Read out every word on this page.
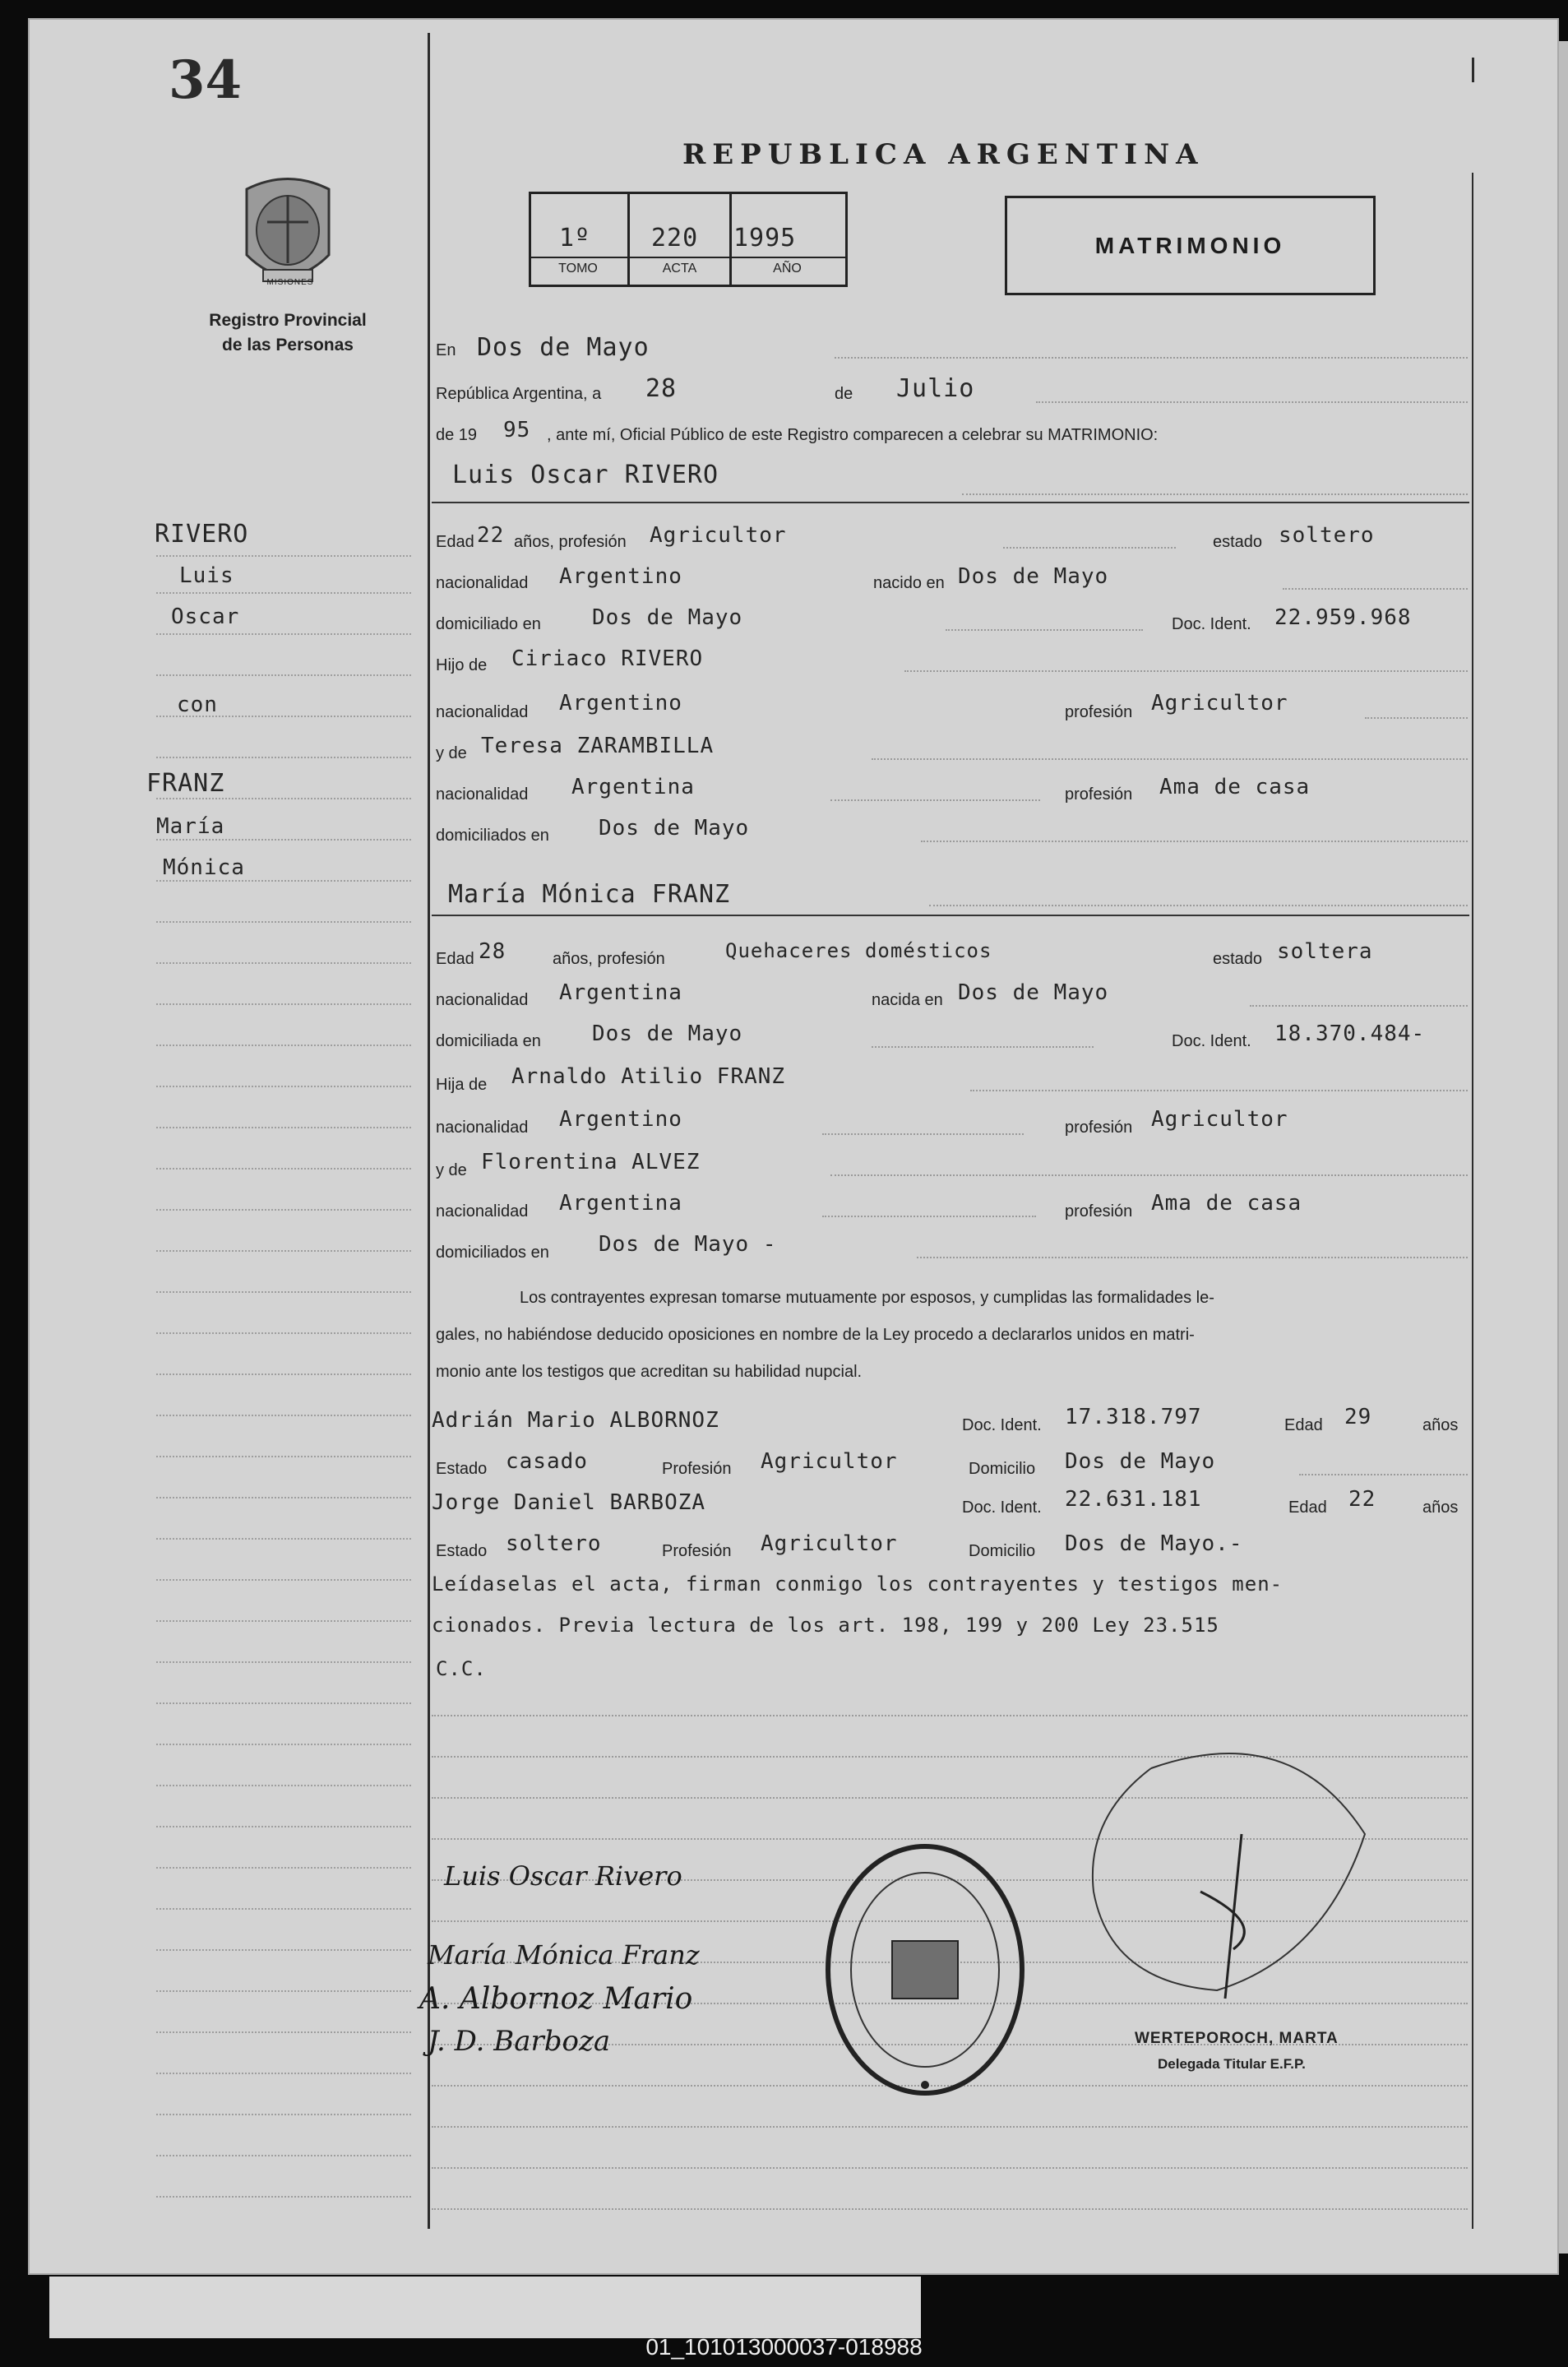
34
MISIONES
Registro Provincial
de las Personas
REPUBLICA ARGENTINA
1º 220 1995
TOMO	ACTA	AÑO
MATRIMONIO
RIVERO
Luis
Oscar
con
FRANZ
María
Mónica
En Dos de Mayo
República Argentina, a 28	de Julio
de 19 95 , ante mí, Oficial Público de este Registro comparecen a celebrar su MATRIMONIO:
Luis Oscar RIVERO
Edad 22 años, profesión Agricultor	estado soltero
nacionalidad Argentino	nacido en Dos de Mayo
domiciliado en Dos de Mayo	Doc. Ident. 22.959.968
Hijo de Ciriaco RIVERO
nacionalidad Argentino	profesión Agricultor
y de Teresa ZARAMBILLA
nacionalidad Argentina	profesión Ama de casa
domiciliados en Dos de Mayo
María Mónica FRANZ
Edad 28	años, profesión	Quehaceres domésticos	estado soltera
nacionalidad Argentina	nacida en Dos de Mayo
domiciliada en Dos de Mayo	Doc. Ident. 18.370.484-
Hija de Arnaldo Atilio FRANZ
nacionalidad Argentino	profesión Agricultor
y de Florentina ALVEZ
nacionalidad Argentina	profesión Ama de casa
domiciliados en Dos de Mayo -
Los contrayentes expresan tomarse mutuamente por esposos, y cumplidas las formalidades le-
gales, no habiéndose deducido oposiciones en nombre de la Ley procedo a declararlos unidos en matri-
monio ante los testigos que acreditan su habilidad nupcial.
Adrián Mario ALBORNOZ	Doc. Ident. 17.318.797	Edad 29	años
Estado casado	Profesión Agricultor	Domicilio Dos de Mayo
Jorge Daniel BARBOZA	Doc. Ident. 22.631.181	Edad 22	años
Estado soltero	Profesión Agricultor	Domicilio Dos de Mayo.-
Leídaselas el acta, firman conmigo los contrayentes y testigos men-
cionados. Previa lectura de los art. 198, 199 y 200 Ley 23.515
C.C.
Luis Oscar Rivero
María Mónica Franz
A. Albornoz Mario
J. D. Barboza	WERTEPOROCH, MARTA
Delegada Titular E.F.P.
01_101013000037-018988
